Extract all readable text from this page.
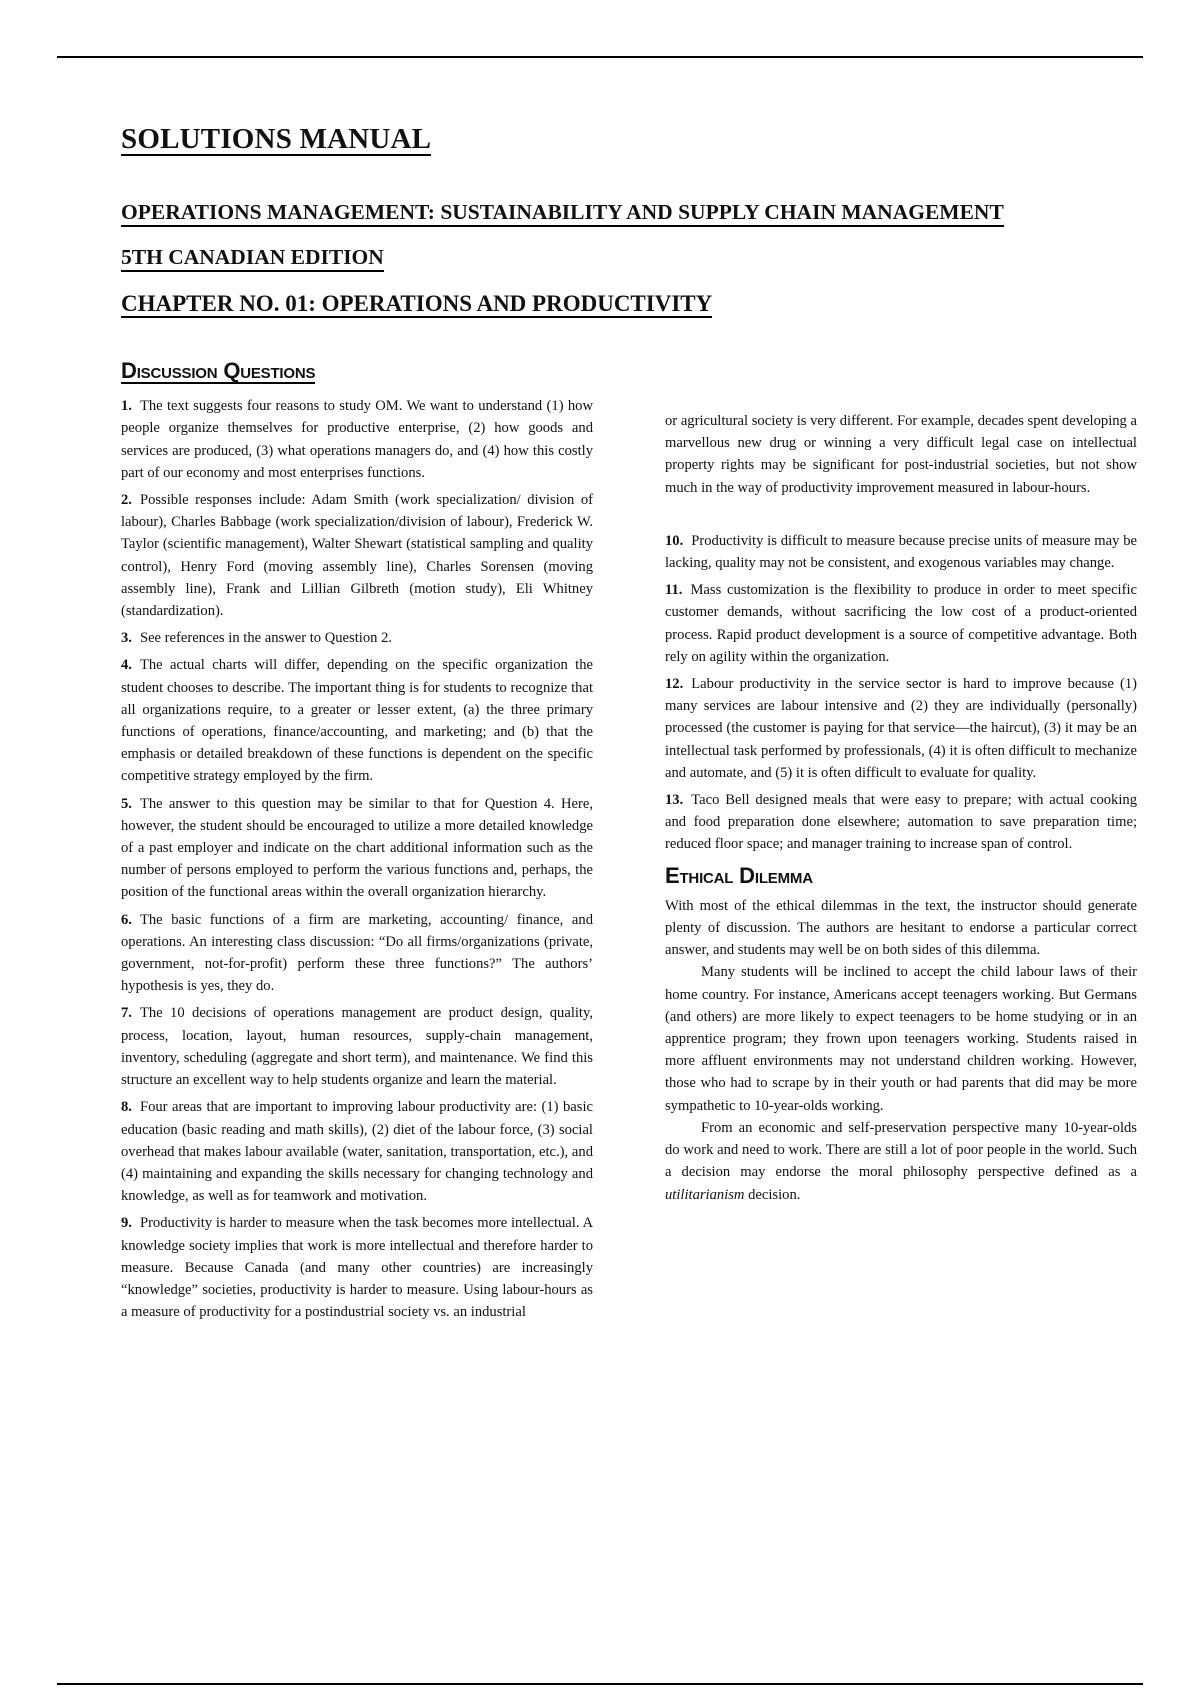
SOLUTIONS MANUAL
OPERATIONS MANAGEMENT: SUSTAINABILITY AND SUPPLY CHAIN MANAGEMENT
5TH CANADIAN EDITION
CHAPTER NO. 01: OPERATIONS AND PRODUCTIVITY
Discussion Questions

1. The text suggests four reasons to study OM. We want to understand (1) how people organize themselves for productive enterprise, (2) how goods and services are produced, (3) what operations managers do, and (4) how this costly part of our economy and most enterprises functions.

2. Possible responses include: Adam Smith (work specialization/ division of labour), Charles Babbage (work specialization/division of labour), Frederick W. Taylor (scientific management), Walter Shewart (statistical sampling and quality control), Henry Ford (moving assembly line), Charles Sorensen (moving assembly line), Frank and Lillian Gilbreth (motion study), Eli Whitney (standardization).

3. See references in the answer to Question 2.

4. The actual charts will differ, depending on the specific organization the student chooses to describe. The important thing is for students to recognize that all organizations require, to a greater or lesser extent, (a) the three primary functions of operations, finance/accounting, and marketing; and (b) that the emphasis or detailed breakdown of these functions is dependent on the specific competitive strategy employed by the firm.

5. The answer to this question may be similar to that for Question 4. Here, however, the student should be encouraged to utilize a more detailed knowledge of a past employer and indicate on the chart additional information such as the number of persons employed to perform the various functions and, perhaps, the position of the functional areas within the overall organization hierarchy.

6. The basic functions of a firm are marketing, accounting/ finance, and operations. An interesting class discussion: “Do all firms/organizations (private, government, not-for-profit) perform these three functions?” The authors’ hypothesis is yes, they do.

7. The 10 decisions of operations management are product design, quality, process, location, layout, human resources, supply-chain management, inventory, scheduling (aggregate and short term), and maintenance. We find this structure an excellent way to help students organize and learn the material.

8. Four areas that are important to improving labour productivity are: (1) basic education (basic reading and math skills), (2) diet of the labour force, (3) social overhead that makes labour available (water, sanitation, transportation, etc.), and (4) maintaining and expanding the skills necessary for changing technology and knowledge, as well as for teamwork and motivation.

9. Productivity is harder to measure when the task becomes more intellectual. A knowledge society implies that work is more intellectual and therefore harder to measure. Because Canada (and many other countries) are increasingly “knowledge” societies, productivity is harder to measure. Using labour-hours as a measure of productivity for a postindustrial society vs. an industrial

or agricultural society is very different. For example, decades spent developing a marvellous new drug or winning a very difficult legal case on intellectual property rights may be significant for post-industrial societies, but not show much in the way of productivity improvement measured in labour-hours.

10. Productivity is difficult to measure because precise units of measure may be lacking, quality may not be consistent, and exogenous variables may change.

11. Mass customization is the flexibility to produce in order to meet specific customer demands, without sacrificing the low cost of a product-oriented process. Rapid product development is a source of competitive advantage. Both rely on agility within the organization.

12. Labour productivity in the service sector is hard to improve because (1) many services are labour intensive and (2) they are individually (personally) processed (the customer is paying for that service—the haircut), (3) it may be an intellectual task performed by professionals, (4) it is often difficult to mechanize and automate, and (5) it is often difficult to evaluate for quality.

13. Taco Bell designed meals that were easy to prepare; with actual cooking and food preparation done elsewhere; automation to save preparation time; reduced floor space; and manager training to increase span of control.

Ethical Dilemma

With most of the ethical dilemmas in the text, the instructor should generate plenty of discussion. The authors are hesitant to endorse a particular correct answer, and students may well be on both sides of this dilemma.

Many students will be inclined to accept the child labour laws of their home country. For instance, Americans accept teenagers working. But Germans (and others) are more likely to expect teenagers to be home studying or in an apprentice program; they frown upon teenagers working. Students raised in more affluent environments may not understand children working. However, those who had to scrape by in their youth or had parents that did may be more sympathetic to 10-year-olds working.

From an economic and self-preservation perspective many 10-year-olds do work and need to work. There are still a lot of poor people in the world. Such a decision may endorse the moral philosophy perspective defined as a utilitarianism decision.
